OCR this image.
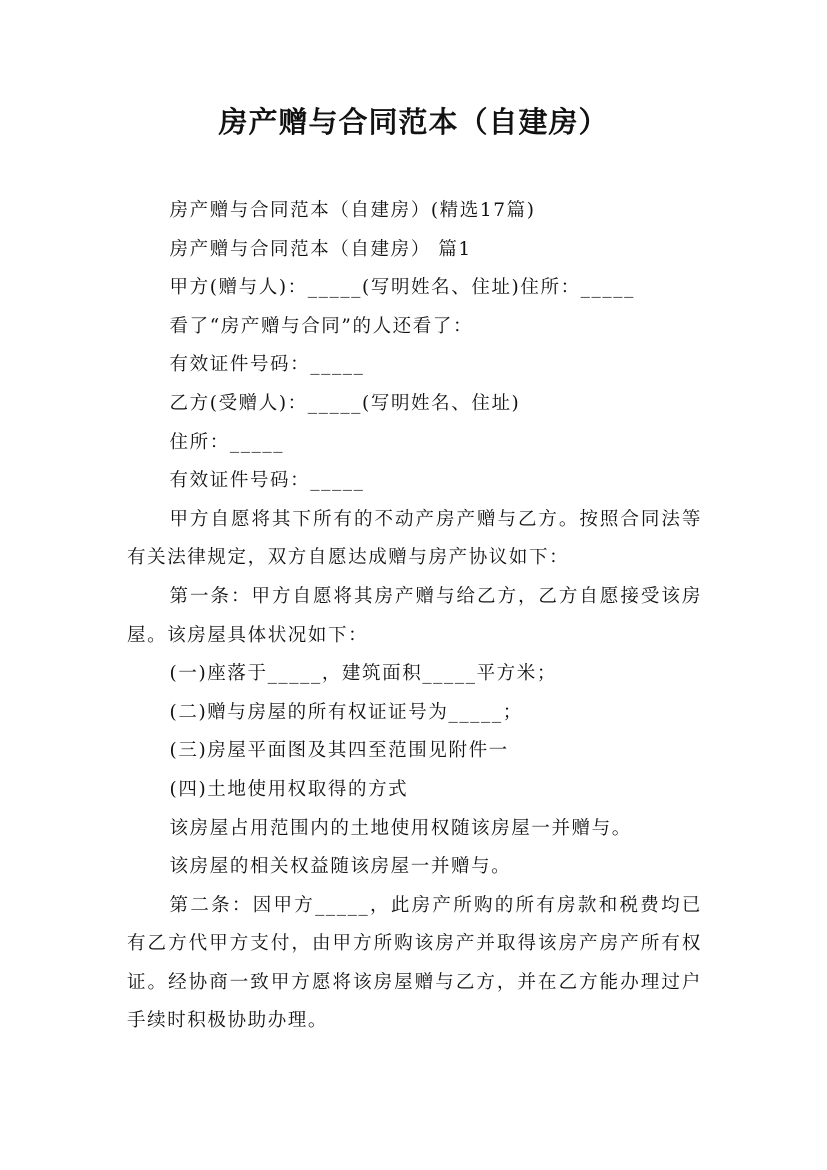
房产赠与合同范本（自建房）

房产赠与合同范本（自建房）(精选17篇)

房产赠与合同范本（自建房） 篇1

甲方(赠与人)：_____(写明姓名、住址)住所：_____

看了“房产赠与合同”的人还看了：

有效证件号码：_____

乙方(受赠人)：_____(写明姓名、住址)

住所：_____

有效证件号码：_____

甲方自愿将其下所有的不动产房产赠与乙方。按照合同法等有关法律规定，双方自愿达成赠与房产协议如下：

第一条：甲方自愿将其房产赠与给乙方，乙方自愿接受该房屋。该房屋具体状况如下：

(一)座落于_____，建筑面积_____平方米；

(二)赠与房屋的所有权证证号为_____；

(三)房屋平面图及其四至范围见附件一

(四)土地使用权取得的方式

该房屋占用范围内的土地使用权随该房屋一并赠与。

该房屋的相关权益随该房屋一并赠与。

第二条：因甲方_____，此房产所购的所有房款和税费均已有乙方代甲方支付，由甲方所购该房产并取得该房产房产所有权证。经协商一致甲方愿将该房屋赠与乙方，并在乙方能办理过户手续时积极协助办理。
